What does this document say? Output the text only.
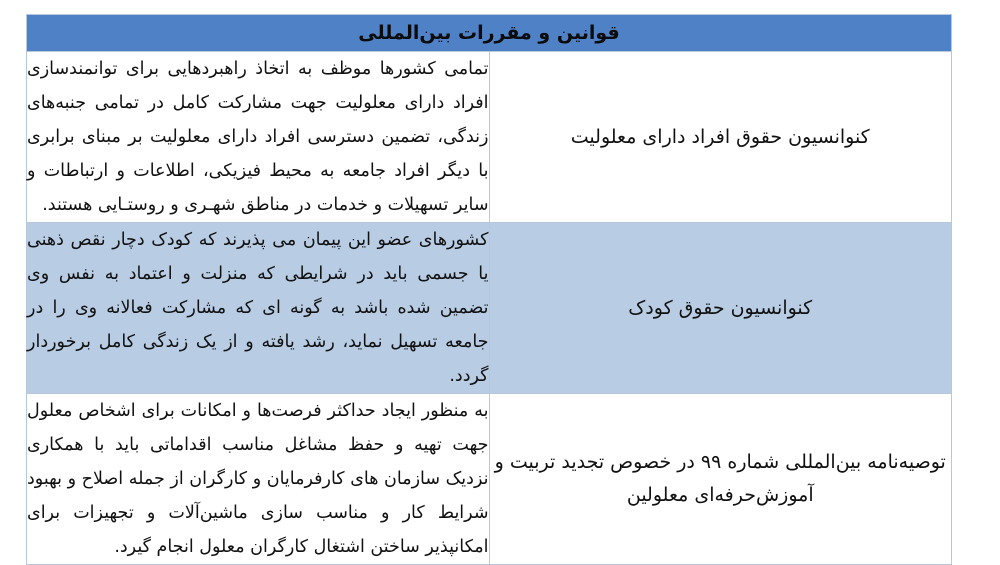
قوانین و مقررات بین‌المللی	
کنوانسیون حقوق افراد دارای معلولیت	تمامی کشورها موظف به اتخاذ راهبردهایی برای توانمندسازی افراد دارای معلولیت جهت مشارکت کامل در تمامی جنبه‌های زندگی، تضمین دسترسی افراد دارای معلولیت بر مبنای برابری با دیگر افراد جامعه به محیط فیزیکی، اطلاعات و ارتباطات و سایر تسهیلات و خدمات در مناطق شهـری و روستـایی هستند.
کنوانسیون حقوق کودک	کشورهای عضو این پیمان می پذیرند که کودک دچار نقص ذهنی یا جسمی باید در شرایطی که منزلت و اعتماد به نفس وی تضمین شده باشد به گونه ای که مشارکت فعالانه وی را در جامعه تسهیل نماید، رشد یافته و از یک زندگی کامل برخوردار گردد.
توصیه‌نامه بین‌المللی شماره ۹۹ در خصوص تجدید تربیت و آموزش‌حرفه‌ای معلولین	به منظور ایجاد حداکثر فرصت‌ها و امکانات برای اشخاص معلول جهت تهیه و حفظ مشاغل مناسب اقداماتی باید با همکاری نزدیک سازمان های کارفرمایان و کارگران از جمله اصلاح و بهبود شرایط کار و مناسب سازی ماشین‌آلات و تجهیزات برای امکانپذیر ساختن اشتغال کارگران معلول انجام گیرد.
